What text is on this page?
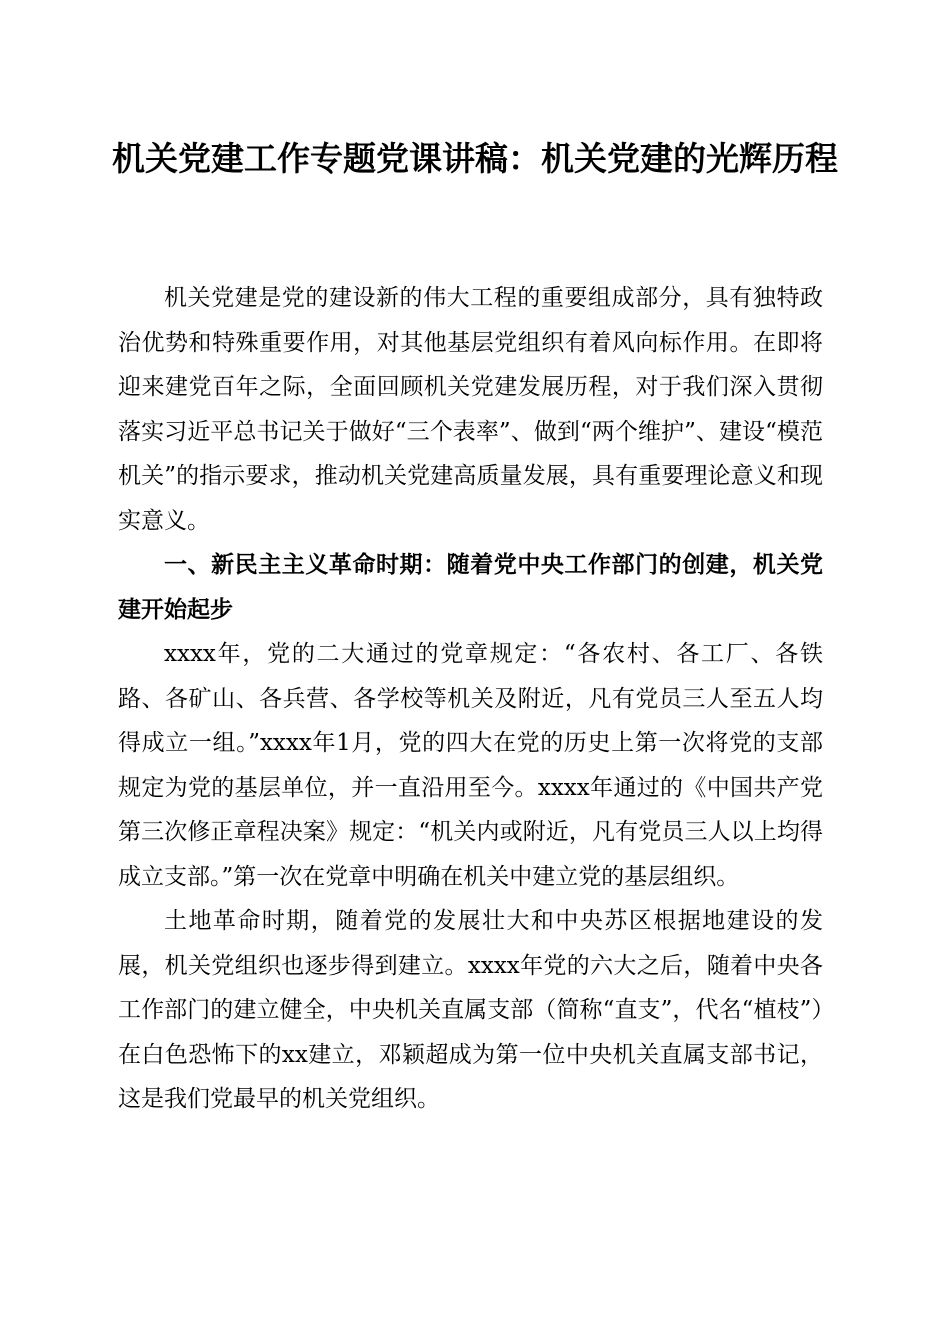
机关党建工作专题党课讲稿：机关党建的光辉历程

机关党建是党的建设新的伟大工程的重要组成部分，具有独特政治优势和特殊重要作用，对其他基层党组织有着风向标作用。在即将迎来建党百年之际，全面回顾机关党建发展历程，对于我们深入贯彻落实习近平总书记关于做好“三个表率”、做到“两个维护”、建设“模范机关”的指示要求，推动机关党建高质量发展，具有重要理论意义和现实意义。

一、新民主主义革命时期：随着党中央工作部门的创建，机关党建开始起步

xxxx年，党的二大通过的党章规定：“各农村、各工厂、各铁路、各矿山、各兵营、各学校等机关及附近，凡有党员三人至五人均得成立一组。”xxxx年1月，党的四大在党的历史上第一次将党的支部规定为党的基层单位，并一直沿用至今。xxxx年通过的《中国共产党第三次修正章程决案》规定：“机关内或附近，凡有党员三人以上均得成立支部。”第一次在党章中明确在机关中建立党的基层组织。

土地革命时期，随着党的发展壮大和中央苏区根据地建设的发展，机关党组织也逐步得到建立。xxxx年党的六大之后，随着中央各工作部门的建立健全，中央机关直属支部（简称“直支”，代名“植枝”）在白色恐怖下的xx建立，邓颖超成为第一位中央机关直属支部书记，这是我们党最早的机关党组织。
